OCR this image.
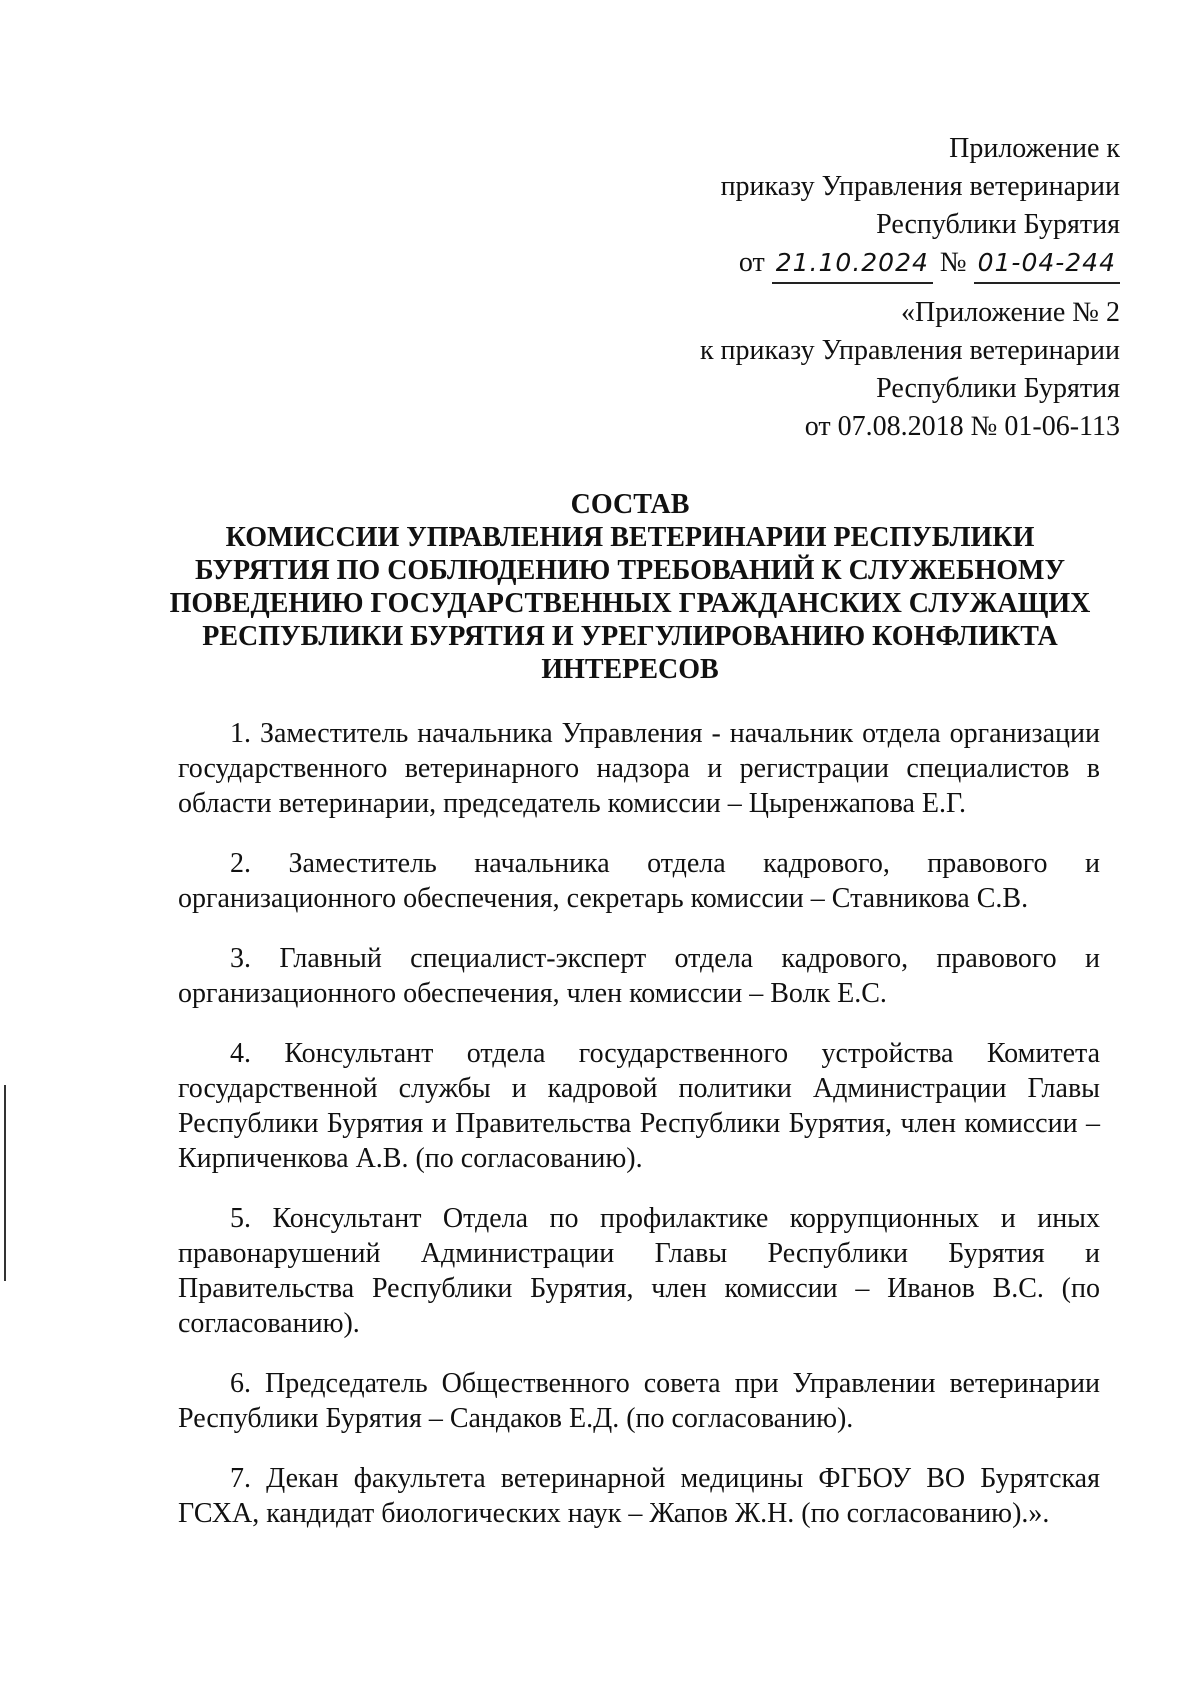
Приложение к
приказу Управления ветеринарии
Республики Бурятия
от 21.10.2024 № 01-04-244
«Приложение № 2
к приказу Управления ветеринарии
Республики Бурятия
от 07.08.2018 № 01-06-113
СОСТАВ
КОМИССИИ УПРАВЛЕНИЯ ВЕТЕРИНАРИИ РЕСПУБЛИКИ
БУРЯТИЯ ПО СОБЛЮДЕНИЮ ТРЕБОВАНИЙ К СЛУЖЕБНОМУ
ПОВЕДЕНИЮ ГОСУДАРСТВЕННЫХ ГРАЖДАНСКИХ СЛУЖАЩИХ
РЕСПУБЛИКИ БУРЯТИЯ И УРЕГУЛИРОВАНИЮ КОНФЛИКТА
ИНТЕРЕСОВ

1. Заместитель начальника Управления - начальник отдела организации государственного ветеринарного надзора и регистрации специалистов в области ветеринарии, председатель комиссии – Цыренжапова Е.Г.

2. Заместитель начальника отдела кадрового, правового и организационного обеспечения, секретарь комиссии – Ставникова С.В.

3. Главный специалист-эксперт отдела кадрового, правового и организационного обеспечения, член комиссии – Волк Е.С.

4. Консультант отдела государственного устройства Комитета государственной службы и кадровой политики Администрации Главы Республики Бурятия и Правительства Республики Бурятия, член комиссии – Кирпиченкова А.В. (по согласованию).

5. Консультант Отдела по профилактике коррупционных и иных правонарушений Администрации Главы Республики Бурятия и Правительства Республики Бурятия, член комиссии – Иванов В.С. (по согласованию).

6. Председатель Общественного совета при Управлении ветеринарии Республики Бурятия – Сандаков Е.Д. (по согласованию).

7. Декан факультета ветеринарной медицины ФГБОУ ВО Бурятская ГСХА, кандидат биологических наук – Жапов Ж.Н. (по согласованию).».
